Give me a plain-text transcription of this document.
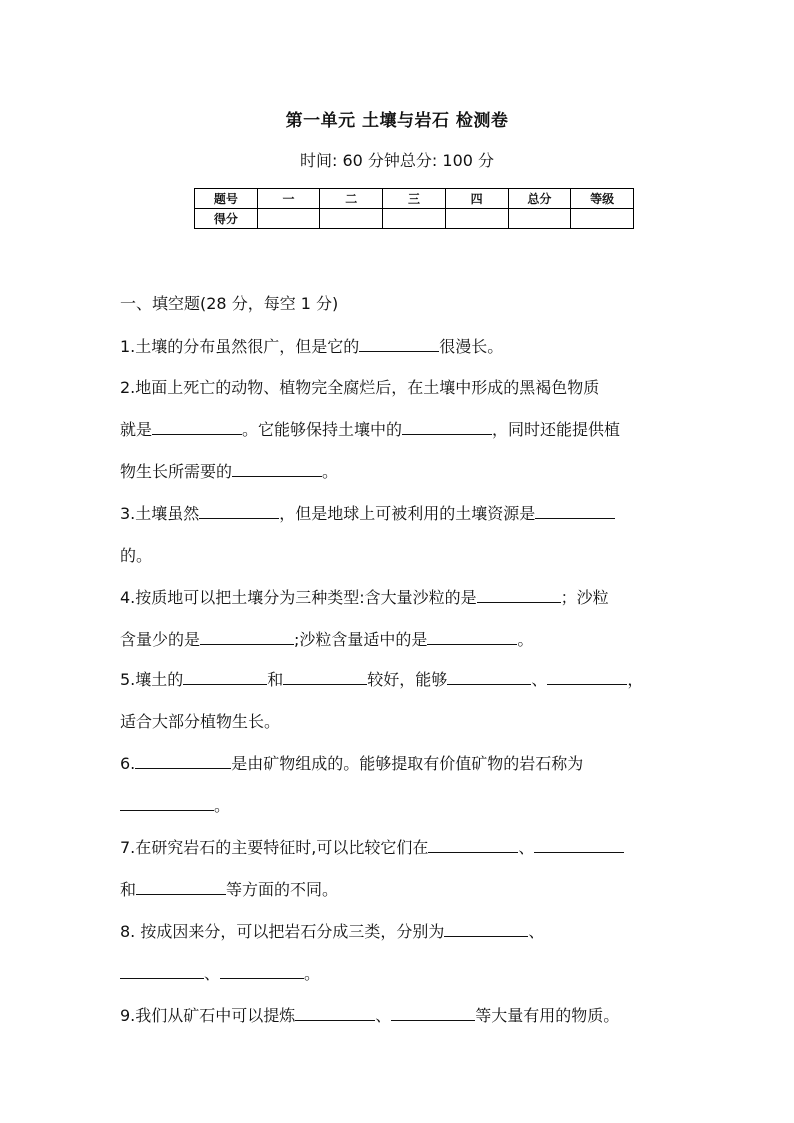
第一单元 土壤与岩石 检测卷
时间: 60 分钟总分: 100 分
题号	一	二	三	四	总分	等级
得分						
一、填空题(28 分，每空 1 分)
1.土壤的分布虽然很广，但是它的	很漫长。
2.地面上死亡的动物、植物完全腐烂后，在土壤中形成的黑褐色物质
就是	。它能够保持土壤中的	，同时还能提供植
物生长所需要的	。
3.土壤虽然	，但是地球上可被利用的土壤资源是
的。
4.按质地可以把土壤分为三种类型:含大量沙粒的是	；沙粒
含量少的是	;沙粒含量适中的是	。
5.壤土的	和	较好，能够	、	，
适合大部分植物生长。
6.	是由矿物组成的。能够提取有价值矿物的岩石称为
。
7.在研究岩石的主要特征时,可以比较它们在	、
和	等方面的不同。
8. 按成因来分，可以把岩石分成三类，分别为	、
、	。
9.我们从矿石中可以提炼	、	等大量有用的物质。
